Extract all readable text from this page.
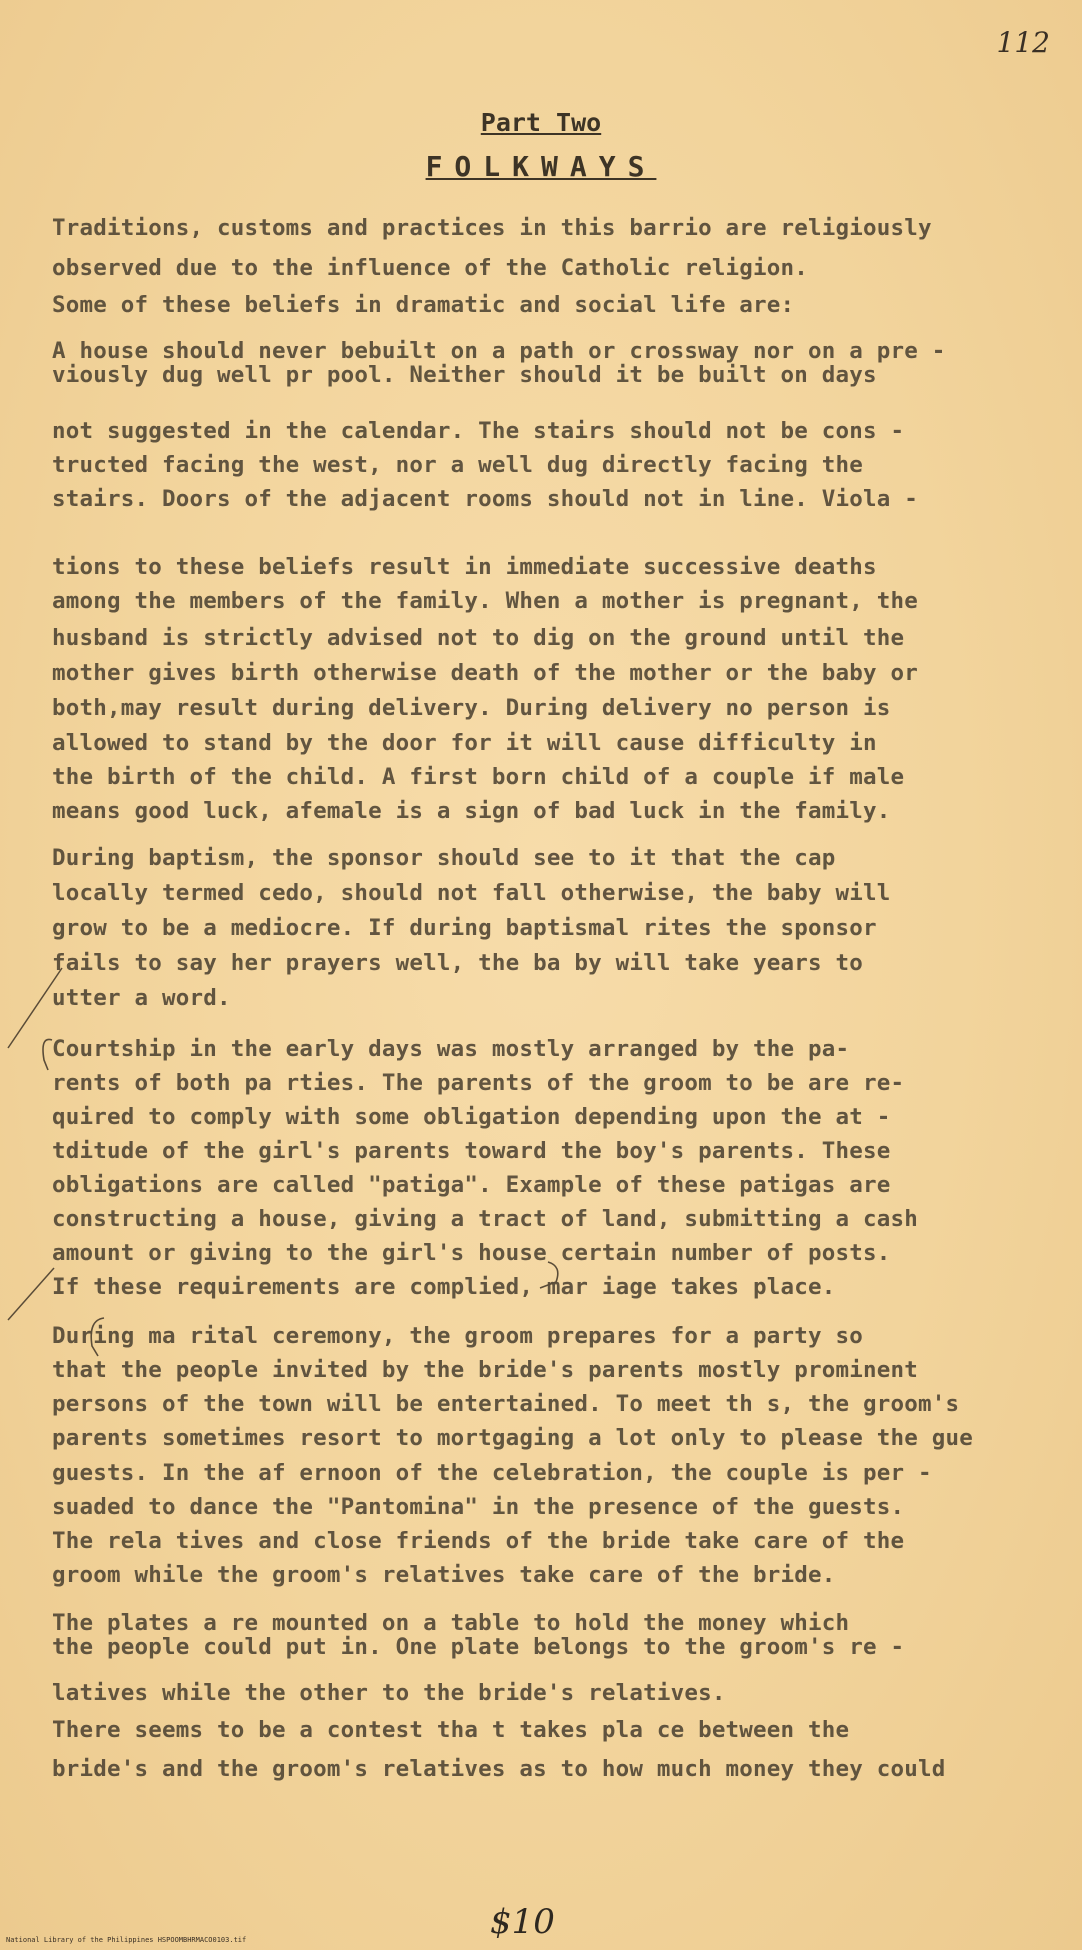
112
Part Two
FOLKWAYS
Traditions, customs and practices in this barrio are religiously
observed due to the influence of the Catholic religion.
Some of these beliefs in dramatic and social life are:
A house should never bebuilt on a path or crossway nor on a pre -
viously dug well pr pool. Neither should it be built on days
not suggested in the calendar. The stairs should not be cons -
tructed facing the west, nor a well dug directly facing the
stairs. Doors of the adjacent rooms should not in line. Viola -
tions to these beliefs result in immediate successive deaths
among the members of the family. When a mother is pregnant, the
husband is strictly advised not to dig on the ground until the
mother gives birth otherwise death of the mother or the baby or
both,may result during delivery. During delivery no person is
allowed to stand by the door for it will cause difficulty in
the birth of the child. A first born child of a couple if male
means good luck, afemale is a sign of bad luck in the family.
During baptism, the sponsor should see to it that the cap
locally termed cedo, should not fall otherwise, the baby will
grow to be a mediocre. If during baptismal rites the sponsor
fails to say her prayers well, the ba by will take years to
utter a word.
Courtship in the early days was mostly arranged by the pa-
rents of both pa rties. The parents of the groom to be are re-
quired to comply with some obligation depending upon the at -
tditude of the girl's parents toward the boy's parents. These
obligations are called "patiga". Example of these patigas are
constructing a house, giving a tract of land, submitting a cash
amount or giving to the girl's house certain number of posts.
If these requirements are complied, mar iage takes place.
During ma rital ceremony, the groom prepares for a party so
that the people invited by the bride's parents mostly prominent
persons of the town will be entertained. To meet th s, the groom's
parents sometimes resort to mortgaging a lot only to please the gue
guests. In the af ernoon of the celebration, the couple is per -
suaded to dance the "Pantomina" in the presence of the guests.
The rela tives and close friends of the bride take care of the
groom while the groom's relatives take care of the bride.
The plates a re mounted on a table to hold the money which
the people could put in. One plate belongs to the groom's re -
latives while the other to the bride's relatives.
There seems to be a contest tha t takes pla ce between the
bride's and the groom's relatives as to how much money they could
National Library of the Philippines HSPOOMBHRMACO0103.tif	$10
